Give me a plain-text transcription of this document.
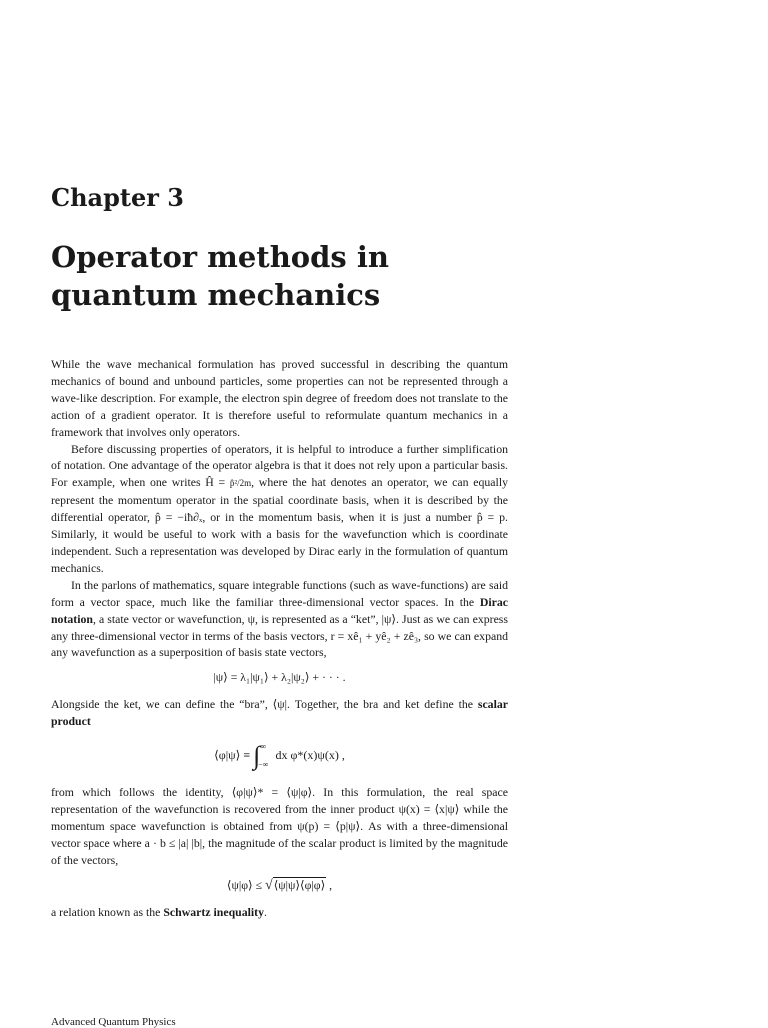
Chapter 3
Operator methods in
quantum mechanics

While the wave mechanical formulation has proved successful in describing the quantum mechanics of bound and unbound particles, some properties can not be represented through a wave-like description. For example, the electron spin degree of freedom does not translate to the action of a gradient operator. It is therefore useful to reformulate quantum mechanics in a framework that involves only operators.

Before discussing properties of operators, it is helpful to introduce a further simplification of notation. One advantage of the operator algebra is that it does not rely upon a particular basis. For example, when one writes Ĥ = p̂²/2m, where the hat denotes an operator, we can equally represent the momentum operator in the spatial coordinate basis, when it is described by the differential operator, p̂ = −iħ∂ₓ, or in the momentum basis, when it is just a number p̂ = p. Similarly, it would be useful to work with a basis for the wavefunction which is coordinate independent. Such a representation was developed by Dirac early in the formulation of quantum mechanics.

In the parlons of mathematics, square integrable functions (such as wave-functions) are said form a vector space, much like the familiar three-dimensional vector spaces. In the Dirac notation, a state vector or wavefunction, ψ, is represented as a “ket”, |ψ⟩. Just as we can express any three-dimensional vector in terms of the basis vectors, r = xê₁ + yê₂ + zê₃, so we can expand any wavefunction as a superposition of basis state vectors,

|ψ⟩ = λ₁|ψ₁⟩ + λ₂|ψ₂⟩ + · · · .

Alongside the ket, we can define the “bra”, ⟨ψ|. Together, the bra and ket define the scalar product

⟨φ|ψ⟩ ≡ ∫ ∞
−∞
dx φ*(x)ψ(x) ,

from which follows the identity, ⟨φ|ψ⟩* = ⟨ψ|φ⟩. In this formulation, the real space representation of the wavefunction is recovered from the inner product ψ(x) = ⟨x|ψ⟩ while the momentum space wavefunction is obtained from ψ(p) = ⟨p|ψ⟩. As with a three-dimensional vector space where a · b ≤ |a| |b|, the magnitude of the scalar product is limited by the magnitude of the vectors,

⟨ψ|φ⟩ ≤ √⟨ψ|ψ⟩⟨φ|φ⟩ ,

a relation known as the Schwartz inequality.

Advanced Quantum Physics
